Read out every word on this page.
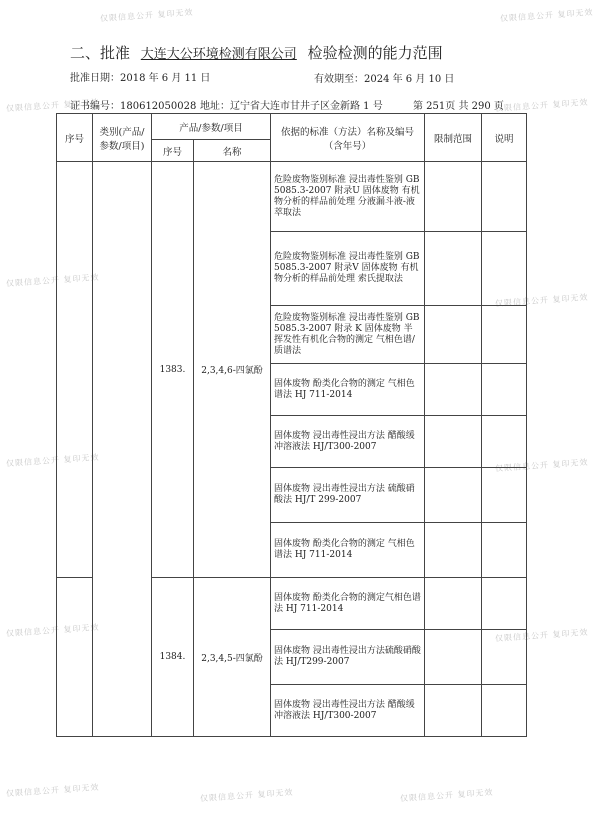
仅限信息公开 复印无效	仅限信息公开 复印无效
仅限信息公开 复印无效	仅限信息公开 复印无效
仅限信息公开 复印无效
仅限信息公开 复印无效
仅限信息公开 复印无效	仅限信息公开 复印无效
仅限信息公开 复印无效	仅限信息公开 复印无效
仅限信息公开 复印无效	仅限信息公开 复印无效	仅限信息公开 复印无效
二、批准 大连大公环境检测有限公司 检验检测的能力范围
批准日期：2018 年 6 月 11 日	有效期至：2024 年 6 月 10 日
证书编号：180612050028 地址：辽宁省大连市甘井子区金新路 1 号	第 251页 共 290 页
序号	类别(产品/参数/项目)	产品/参数/项目		依据的标准（方法）名称及编号（含年号）	限制范围	说明
		序号	名称			
		1383.	2,3,4,6-四氯酚	危险废物鉴别标准 浸出毒性鉴别 GB 5085.3-2007 附录U 固体废物 有机物分析的样品前处理 分液漏斗液-液萃取法		
				危险废物鉴别标准 浸出毒性鉴别 GB 5085.3-2007 附录V 固体废物 有机物分析的样品前处理 索氏提取法		
				危险废物鉴别标准 浸出毒性鉴别 GB 5085.3-2007 附录 K 固体废物 半挥发性有机化合物的测定 气相色谱/质谱法		
				固体废物 酚类化合物的测定 气相色谱法 HJ 711-2014		
				固体废物 浸出毒性浸出方法 醋酸缓冲溶液法 HJ/T300-2007		
				固体废物 浸出毒性浸出方法 硫酸硝酸法 HJ/T 299-2007		
				固体废物 酚类化合物的测定 气相色谱法 HJ 711-2014		
		1384.	2,3,4,5-四氯酚	固体废物 酚类化合物的测定气相色谱法 HJ 711-2014		
				固体废物 浸出毒性浸出方法硫酸硝酸法 HJ/T299-2007		
				固体废物 浸出毒性浸出方法 醋酸缓冲溶液法 HJ/T300-2007		
